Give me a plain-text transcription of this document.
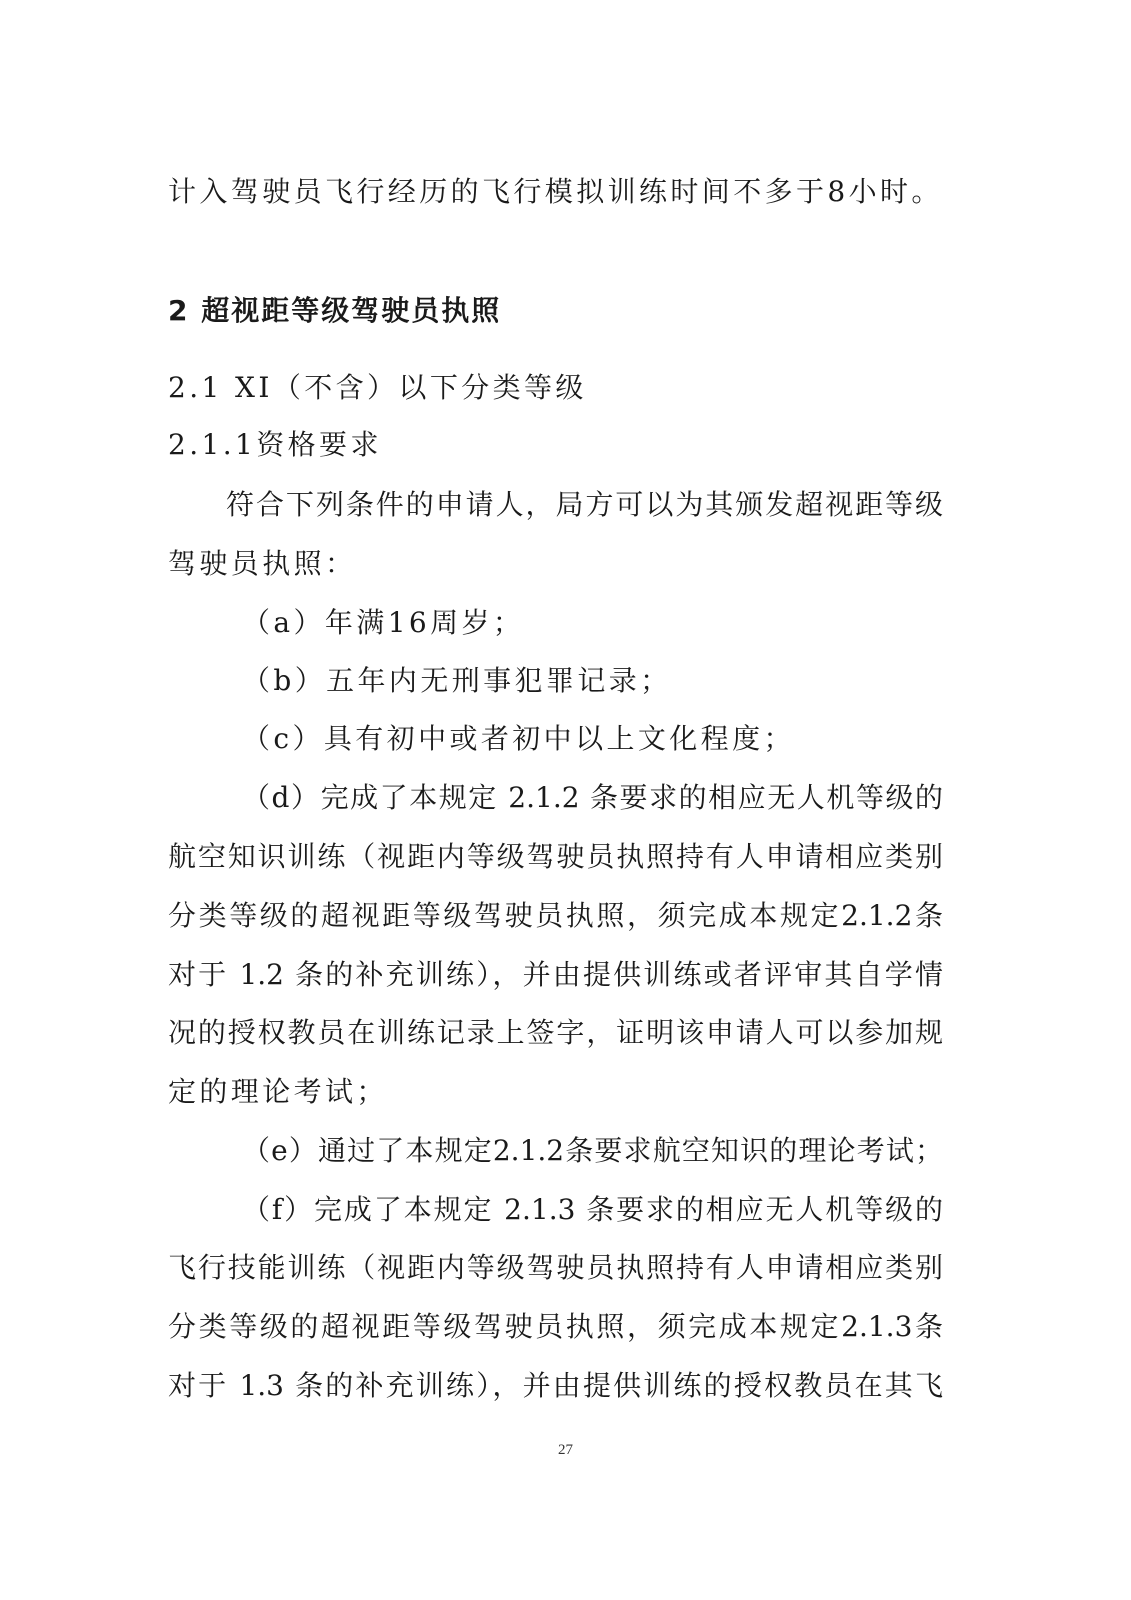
计入驾驶员飞行经历的飞行模拟训练时间不多于8小时。

2 超视距等级驾驶员执照
2.1 XI（不含）以下分类等级
2.1.1资格要求

符合下列条件的申请人，局方可以为其颁发超视距等级

驾驶员执照：

（a）年满16周岁；

（b）五年内无刑事犯罪记录；

（c）具有初中或者初中以上文化程度；

（d）完成了本规定 2.1.2 条要求的相应无人机等级的

航空知识训练（视距内等级驾驶员执照持有人申请相应类别

分类等级的超视距等级驾驶员执照，须完成本规定2.1.2条

对于 1.2 条的补充训练），并由提供训练或者评审其自学情

况的授权教员在训练记录上签字，证明该申请人可以参加规

定的理论考试；

（e）通过了本规定2.1.2条要求航空知识的理论考试；

（f）完成了本规定 2.1.3 条要求的相应无人机等级的

飞行技能训练（视距内等级驾驶员执照持有人申请相应类别

分类等级的超视距等级驾驶员执照，须完成本规定2.1.3条

对于 1.3 条的补充训练），并由提供训练的授权教员在其飞

27
